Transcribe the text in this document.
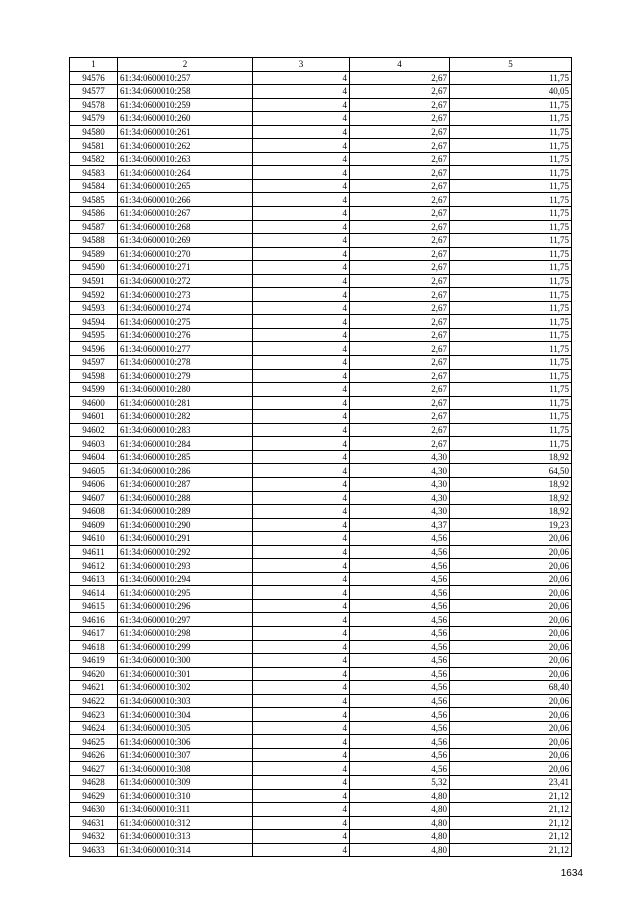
1	2	3	4	5
94576	61:34:0600010:257	4	2,67	11,75
94577	61:34:0600010:258	4	2,67	40,05
94578	61:34:0600010:259	4	2,67	11,75
94579	61:34:0600010:260	4	2,67	11,75
94580	61:34:0600010:261	4	2,67	11,75
94581	61:34:0600010:262	4	2,67	11,75
94582	61:34:0600010:263	4	2,67	11,75
94583	61:34:0600010:264	4	2,67	11,75
94584	61:34:0600010:265	4	2,67	11,75
94585	61:34:0600010:266	4	2,67	11,75
94586	61:34:0600010:267	4	2,67	11,75
94587	61:34:0600010:268	4	2,67	11,75
94588	61:34:0600010:269	4	2,67	11,75
94589	61:34:0600010:270	4	2,67	11,75
94590	61:34:0600010:271	4	2,67	11,75
94591	61:34:0600010:272	4	2,67	11,75
94592	61:34:0600010:273	4	2,67	11,75
94593	61:34:0600010:274	4	2,67	11,75
94594	61:34:0600010:275	4	2,67	11,75
94595	61:34:0600010:276	4	2,67	11,75
94596	61:34:0600010:277	4	2,67	11,75
94597	61:34:0600010:278	4	2,67	11,75
94598	61:34:0600010:279	4	2,67	11,75
94599	61:34:0600010:280	4	2,67	11,75
94600	61:34:0600010:281	4	2,67	11,75
94601	61:34:0600010:282	4	2,67	11,75
94602	61:34:0600010:283	4	2,67	11,75
94603	61:34:0600010:284	4	2,67	11,75
94604	61:34:0600010:285	4	4,30	18,92
94605	61:34:0600010:286	4	4,30	64,50
94606	61:34:0600010:287	4	4,30	18,92
94607	61:34:0600010:288	4	4,30	18,92
94608	61:34:0600010:289	4	4,30	18,92
94609	61:34:0600010:290	4	4,37	19,23
94610	61:34:0600010:291	4	4,56	20,06
94611	61:34:0600010:292	4	4,56	20,06
94612	61:34:0600010:293	4	4,56	20,06
94613	61:34:0600010:294	4	4,56	20,06
94614	61:34:0600010:295	4	4,56	20,06
94615	61:34:0600010:296	4	4,56	20,06
94616	61:34:0600010:297	4	4,56	20,06
94617	61:34:0600010:298	4	4,56	20,06
94618	61:34:0600010:299	4	4,56	20,06
94619	61:34:0600010:300	4	4,56	20,06
94620	61:34:0600010:301	4	4,56	20,06
94621	61:34:0600010:302	4	4,56	68,40
94622	61:34:0600010:303	4	4,56	20,06
94623	61:34:0600010:304	4	4,56	20,06
94624	61:34:0600010:305	4	4,56	20,06
94625	61:34:0600010:306	4	4,56	20,06
94626	61:34:0600010:307	4	4,56	20,06
94627	61:34:0600010:308	4	4,56	20,06
94628	61:34:0600010:309	4	5,32	23,41
94629	61:34:0600010:310	4	4,80	21,12
94630	61:34:0600010:311	4	4,80	21,12
94631	61:34:0600010:312	4	4,80	21,12
94632	61:34:0600010:313	4	4,80	21,12
94633	61:34:0600010:314	4	4,80	21,12
1634
